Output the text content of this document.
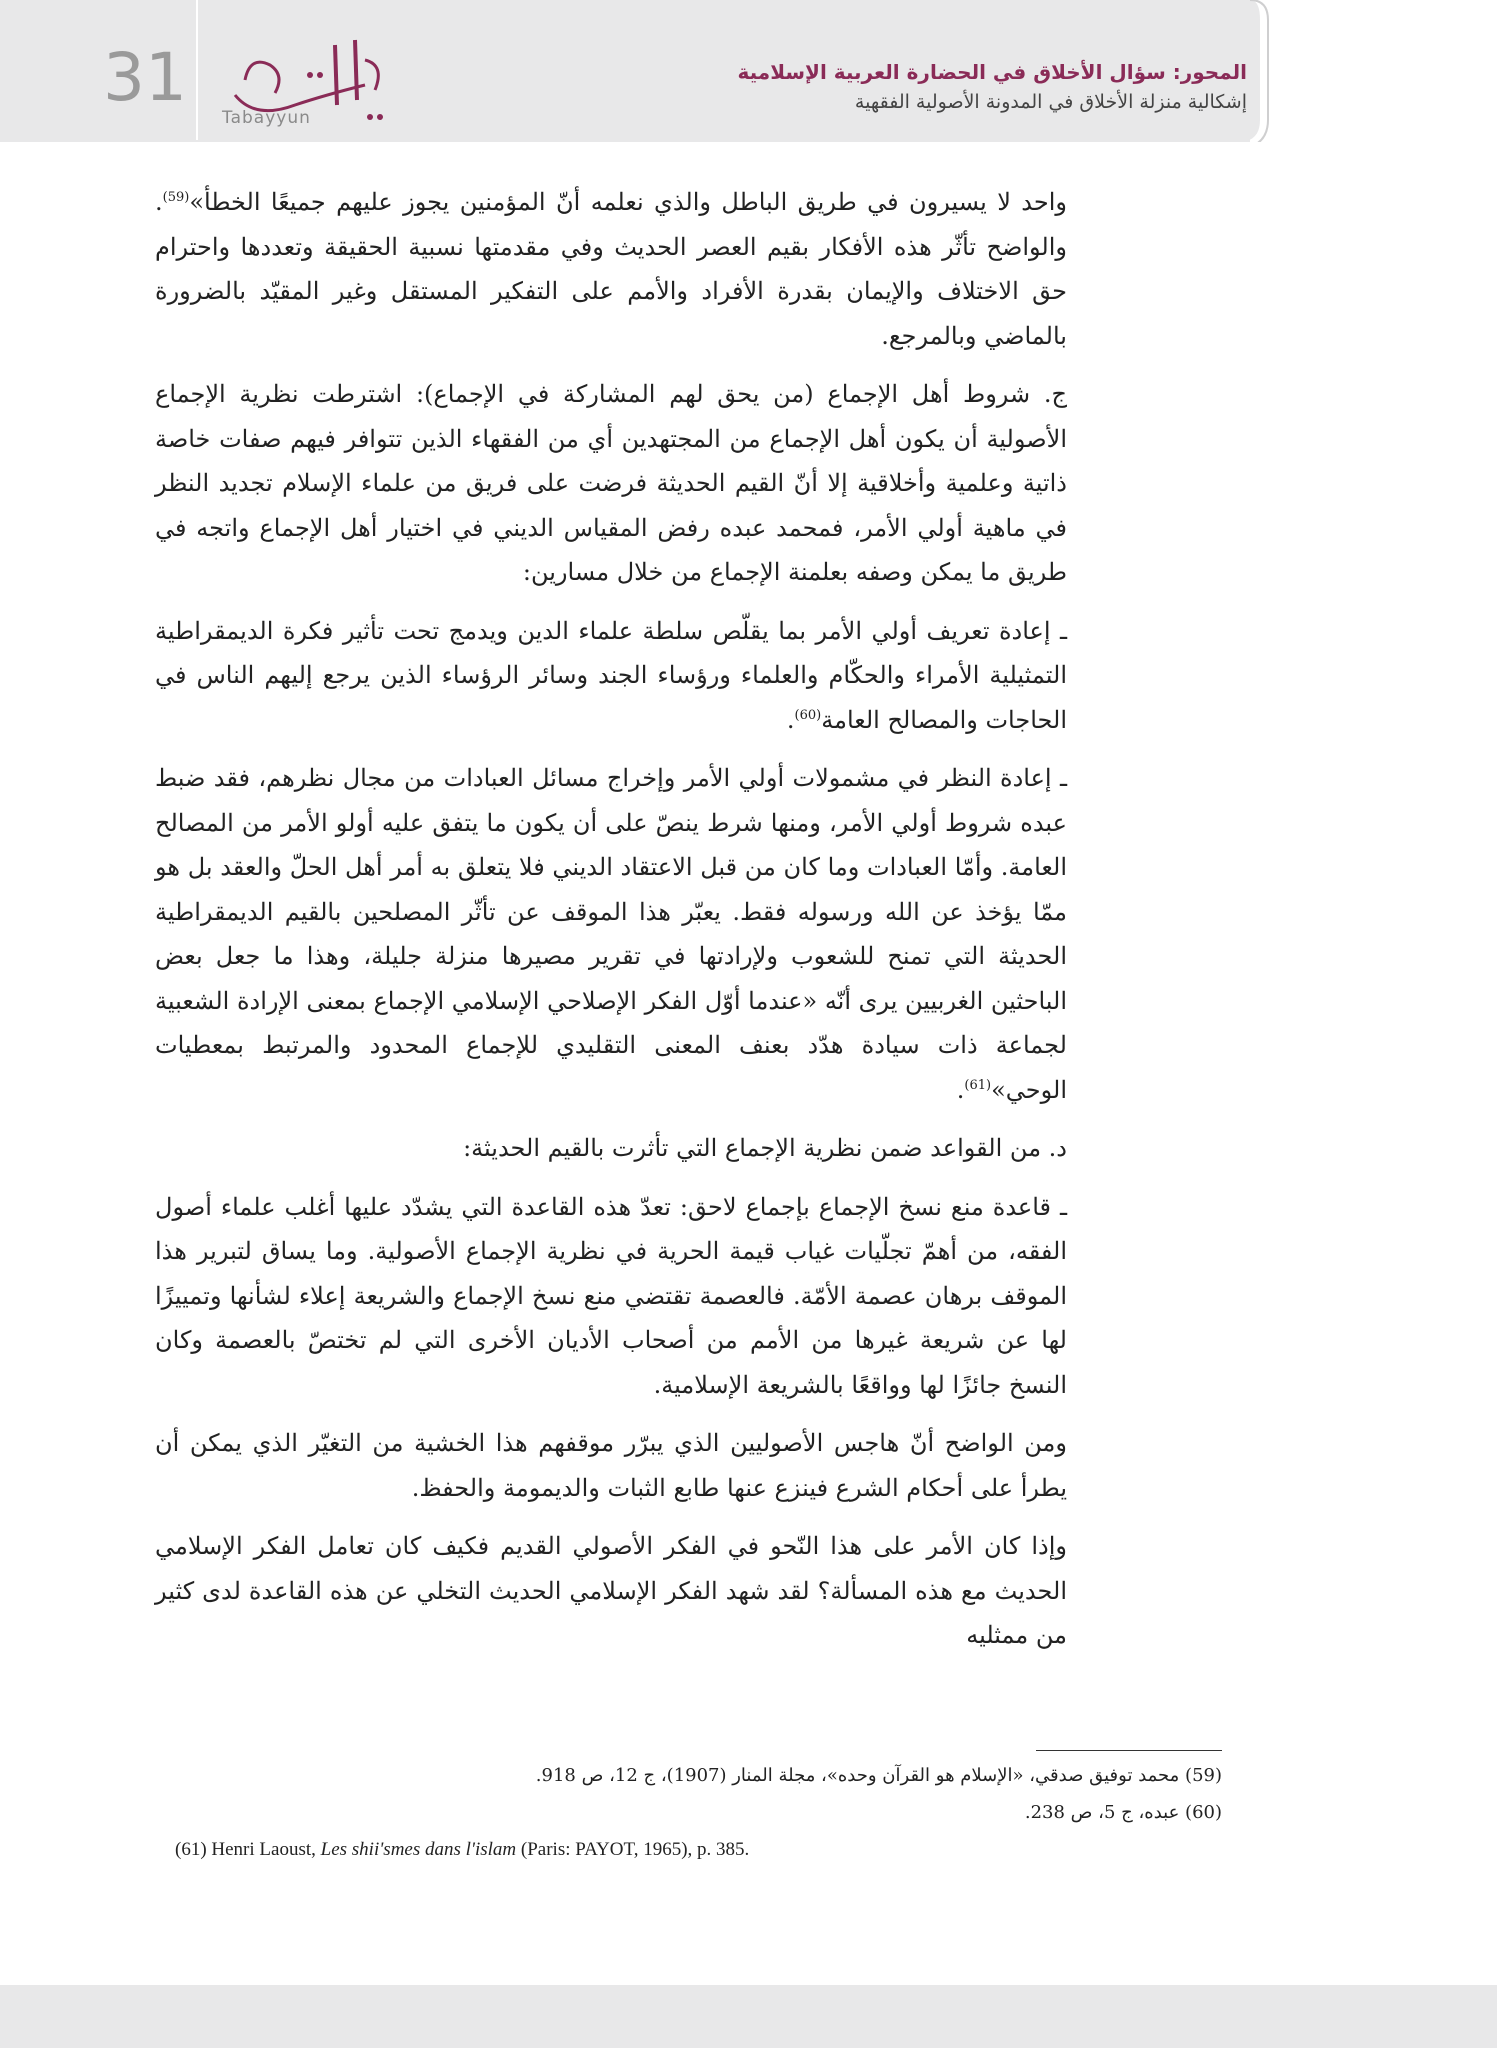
31
Tabayyun
المحور: سؤال الأخلاق في الحضارة العربية الإسلامية
إشكالية منزلة الأخلاق في المدونة الأصولية الفقهية

واحد لا يسيرون في طريق الباطل والذي نعلمه أنّ المؤمنين يجوز عليهم جميعًا الخطأ»$^{(59)}$. والواضح تأثّر هذه الأفكار بقيم العصر الحديث وفي مقدمتها نسبية الحقيقة وتعددها واحترام حق الاختلاف والإيمان بقدرة الأفراد والأمم على التفكير المستقل وغير المقيّد بالضرورة بالماضي وبالمرجع.

ج. شروط أهل الإجماع (من يحق لهم المشاركة في الإجماع): اشترطت نظرية الإجماع الأصولية أن يكون أهل الإجماع من المجتهدين أي من الفقهاء الذين تتوافر فيهم صفات خاصة ذاتية وعلمية وأخلاقية إلا أنّ القيم الحديثة فرضت على فريق من علماء الإسلام تجديد النظر في ماهية أولي الأمر، فمحمد عبده رفض المقياس الديني في اختيار أهل الإجماع واتجه في طريق ما يمكن وصفه بعلمنة الإجماع من خلال مسارين:

ـ إعادة تعريف أولي الأمر بما يقلّص سلطة علماء الدين ويدمج تحت تأثير فكرة الديمقراطية التمثيلية الأمراء والحكّام والعلماء ورؤساء الجند وسائر الرؤساء الذين يرجع إليهم الناس في الحاجات والمصالح العامة$^{(60)}$.

ـ إعادة النظر في مشمولات أولي الأمر وإخراج مسائل العبادات من مجال نظرهم، فقد ضبط عبده شروط أولي الأمر، ومنها شرط ينصّ على أن يكون ما يتفق عليه أولو الأمر من المصالح العامة. وأمّا العبادات وما كان من قبل الاعتقاد الديني فلا يتعلق به أمر أهل الحلّ والعقد بل هو ممّا يؤخذ عن الله ورسوله فقط. يعبّر هذا الموقف عن تأثّر المصلحين بالقيم الديمقراطية الحديثة التي تمنح للشعوب ولإرادتها في تقرير مصيرها منزلة جليلة، وهذا ما جعل بعض الباحثين الغربيين يرى أنّه «عندما أوّل الفكر الإصلاحي الإسلامي الإجماع بمعنى الإرادة الشعبية لجماعة ذات سيادة هدّد بعنف المعنى التقليدي للإجماع المحدود والمرتبط بمعطيات الوحي»$^{(61)}$.

د. من القواعد ضمن نظرية الإجماع التي تأثرت بالقيم الحديثة:

ـ قاعدة منع نسخ الإجماع بإجماع لاحق: تعدّ هذه القاعدة التي يشدّد عليها أغلب علماء أصول الفقه، من أهمّ تجلّيات غياب قيمة الحرية في نظرية الإجماع الأصولية. وما يساق لتبرير هذا الموقف برهان عصمة الأمّة. فالعصمة تقتضي منع نسخ الإجماع والشريعة إعلاء لشأنها وتمييزًا لها عن شريعة غيرها من الأمم من أصحاب الأديان الأخرى التي لم تختصّ بالعصمة وكان النسخ جائزًا لها وواقعًا بالشريعة الإسلامية.

ومن الواضح أنّ هاجس الأصوليين الذي يبرّر موقفهم هذا الخشية من التغيّر الذي يمكن أن يطرأ على أحكام الشرع فينزع عنها طابع الثبات والديمومة والحفظ.

وإذا كان الأمر على هذا النّحو في الفكر الأصولي القديم فكيف كان تعامل الفكر الإسلامي الحديث مع هذه المسألة؟ لقد شهد الفكر الإسلامي الحديث التخلي عن هذه القاعدة لدى كثير من ممثليه

(59) محمد توفيق صدقي، «الإسلام هو القرآن وحده»، مجلة المنار (1907)، ج 12، ص 918.
(60) عبده، ج 5، ص 238.
(61) Henri Laoust, Les shii'smes dans l'islam (Paris: PAYOT, 1965), p. 385.
